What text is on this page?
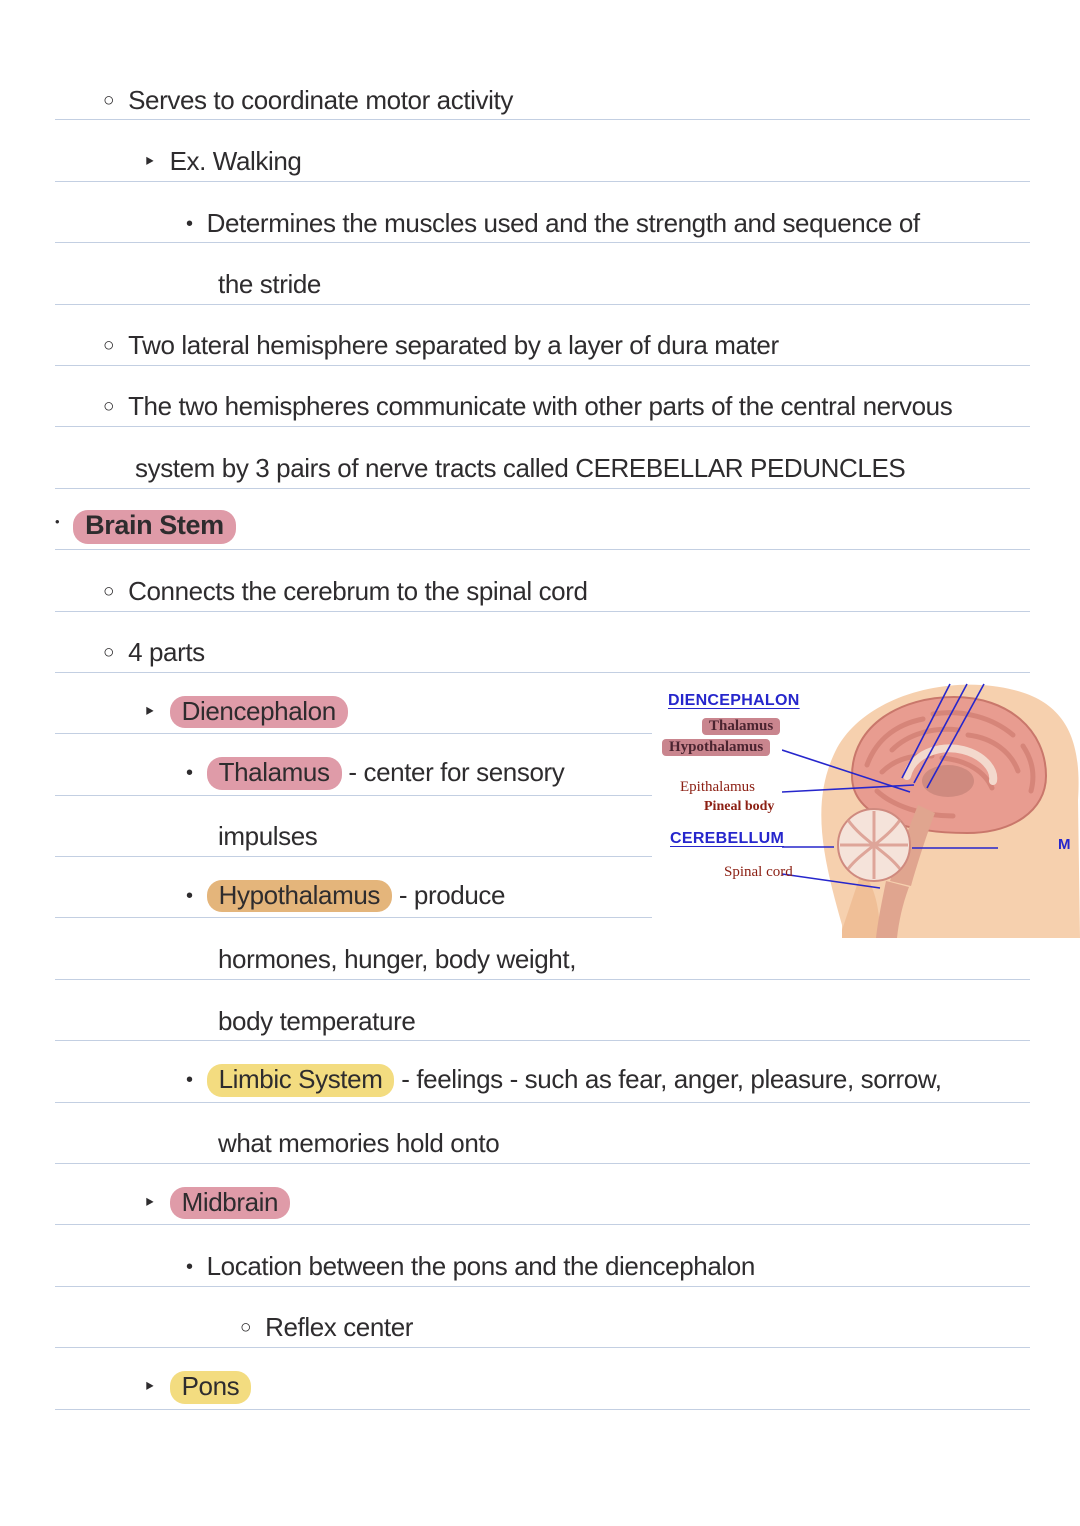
○ Serves to coordinate motor activity
‣ Ex. Walking
• Determines the muscles used and the strength and sequence of
the stride
○ Two lateral hemisphere separated by a layer of dura mater
○ The two hemispheres communicate with other parts of the central nervous
system by 3 pairs of nerve tracts called CEREBELLAR PEDUNCLES
• Brain Stem
○ Connects the cerebrum to the spinal cord
○ 4 parts
‣ Diencephalon
• Thalamus - center for sensory
impulses
• Hypothalamus - produce
hormones, hunger, body weight,
body temperature
• Limbic System - feelings - such as fear, anger, pleasure, sorrow,
what memories hold onto
‣ Midbrain
• Location between the pons and the diencephalon
○ Reflex center
‣ Pons
DIENCEPHALON
Thalamus
Hypothalamus
Epithalamus
Pineal body
CEREBELLUM
Spinal cord
M
